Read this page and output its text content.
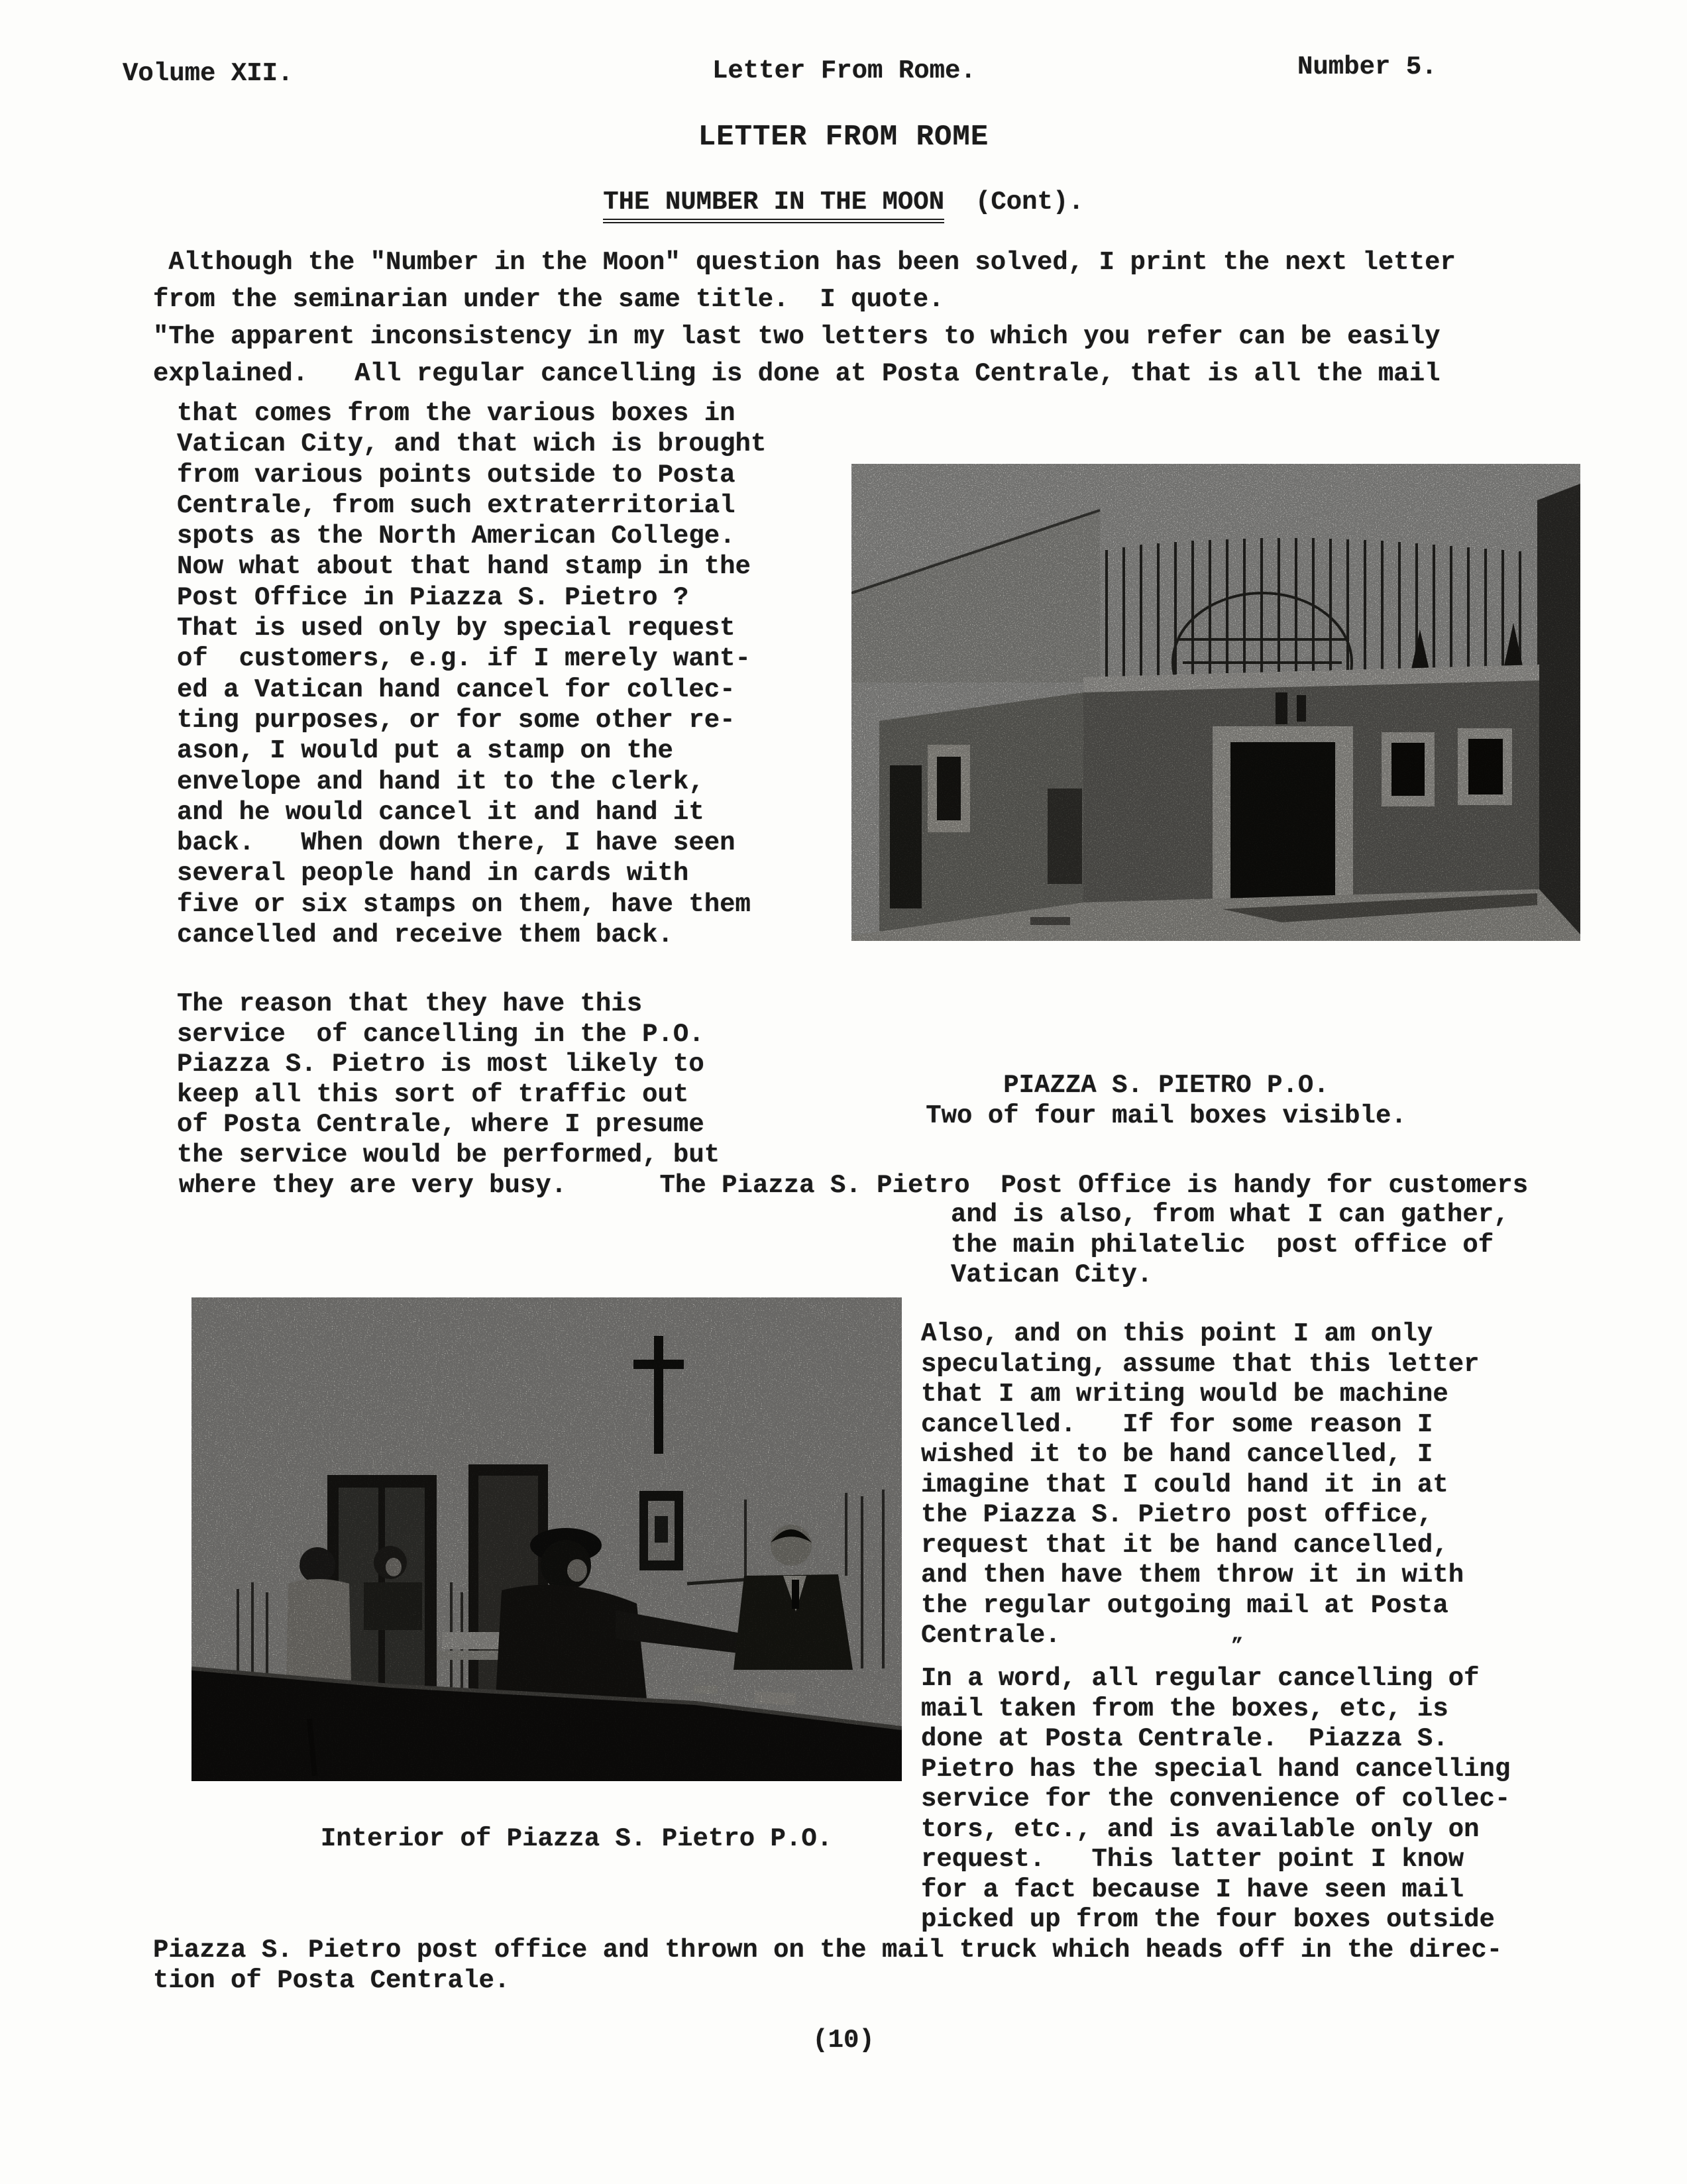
Volume XII.	Letter From Rome.	Number 5.
LETTER FROM ROME
THE NUMBER IN THE MOON  (Cont).
Although the "Number in the Moon" question has been solved, I print the next letter
from the seminarian under the same title.  I quote.
"The apparent inconsistency in my last two letters to which you refer can be easily
explained.   All regular cancelling is done at Posta Centrale, that is all the mail
that comes from the various boxes in
Vatican City, and that wich is brought
from various points outside to Posta
Centrale, from such extraterritorial
spots as the North American College.
Now what about that hand stamp in the
Post Office in Piazza S. Pietro ?
That is used only by special request
of  customers, e.g. if I merely want-
ed a Vatican hand cancel for collec-
ting purposes, or for some other re-
ason, I would put a stamp on the
envelope and hand it to the clerk,
and he would cancel it and hand it
back.   When down there, I have seen
several people hand in cards with
five or six stamps on them, have them
cancelled and receive them back.
The reason that they have this
service  of cancelling in the P.O.
Piazza S. Pietro is most likely to
keep all this sort of traffic out
of Posta Centrale, where I presume
the service would be performed, but
where they are very busy.      The Piazza S. Pietro  Post Office is handy for customers
PIAZZA S. PIETRO P.O.
Two of four mail boxes visible.
and is also, from what I can gather,
the main philatelic  post office of
Vatican City.
Also, and on this point I am only
speculating, assume that this letter
that I am writing would be machine
cancelled.   If for some reason I
wished it to be hand cancelled, I
imagine that I could hand it in at
the Piazza S. Pietro post office,
request that it be hand cancelled,
and then have them throw it in with
the regular outgoing mail at Posta
Centrale.	”
In a word, all regular cancelling of
mail taken from the boxes, etc, is
done at Posta Centrale.  Piazza S.
Pietro has the special hand cancelling
service for the convenience of collec-
tors, etc., and is available only on
request.   This latter point I know
for a fact because I have seen mail
picked up from the four boxes outside
Interior of Piazza S. Pietro P.O.
Piazza S. Pietro post office and thrown on the mail truck which heads off in the direc-
tion of Posta Centrale.
(10)
